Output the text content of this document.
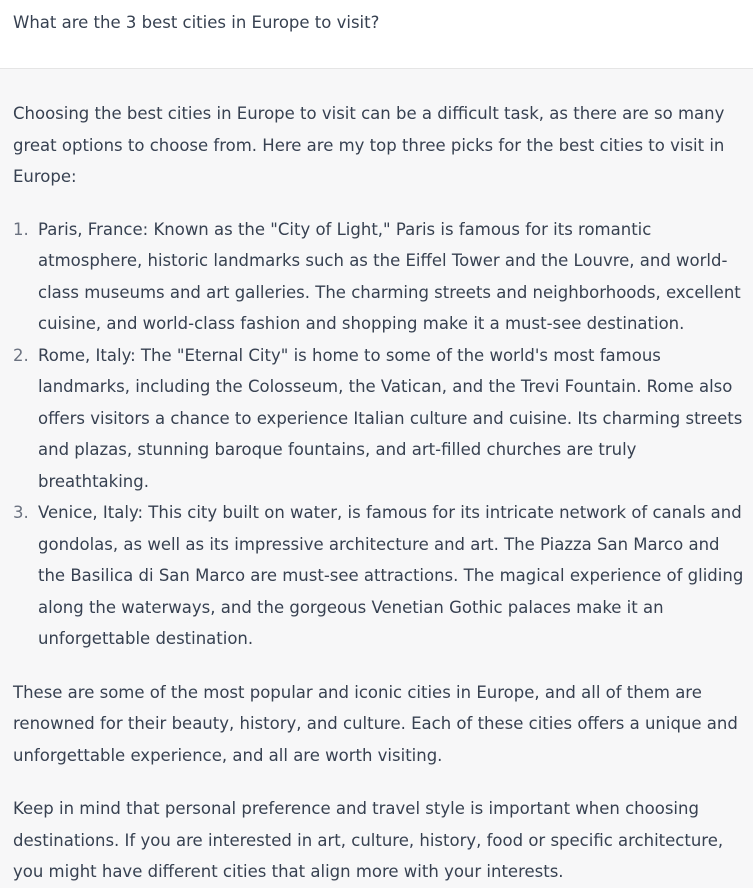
What are the 3 best cities in Europe to visit?

Choosing the best cities in Europe to visit can be a difficult task, as there are so many great options to choose from. Here are my top three picks for the best cities to visit in Europe:

1. Paris, France: Known as the "City of Light," Paris is famous for its romantic atmosphere, historic landmarks such as the Eiffel Tower and the Louvre, and world-class museums and art galleries. The charming streets and neighborhoods, excellent cuisine, and world-class fashion and shopping make it a must-see destination.
2. Rome, Italy: The "Eternal City" is home to some of the world's most famous landmarks, including the Colosseum, the Vatican, and the Trevi Fountain. Rome also offers visitors a chance to experience Italian culture and cuisine. Its charming streets and plazas, stunning baroque fountains, and art-filled churches are truly breathtaking.
3. Venice, Italy: This city built on water, is famous for its intricate network of canals and gondolas, as well as its impressive architecture and art. The Piazza San Marco and the Basilica di San Marco are must-see attractions. The magical experience of gliding along the waterways, and the gorgeous Venetian Gothic palaces make it an unforgettable destination.

These are some of the most popular and iconic cities in Europe, and all of them are renowned for their beauty, history, and culture. Each of these cities offers a unique and unforgettable experience, and all are worth visiting.

Keep in mind that personal preference and travel style is important when choosing destinations. If you are interested in art, culture, history, food or specific architecture, you might have different cities that align more with your interests.
